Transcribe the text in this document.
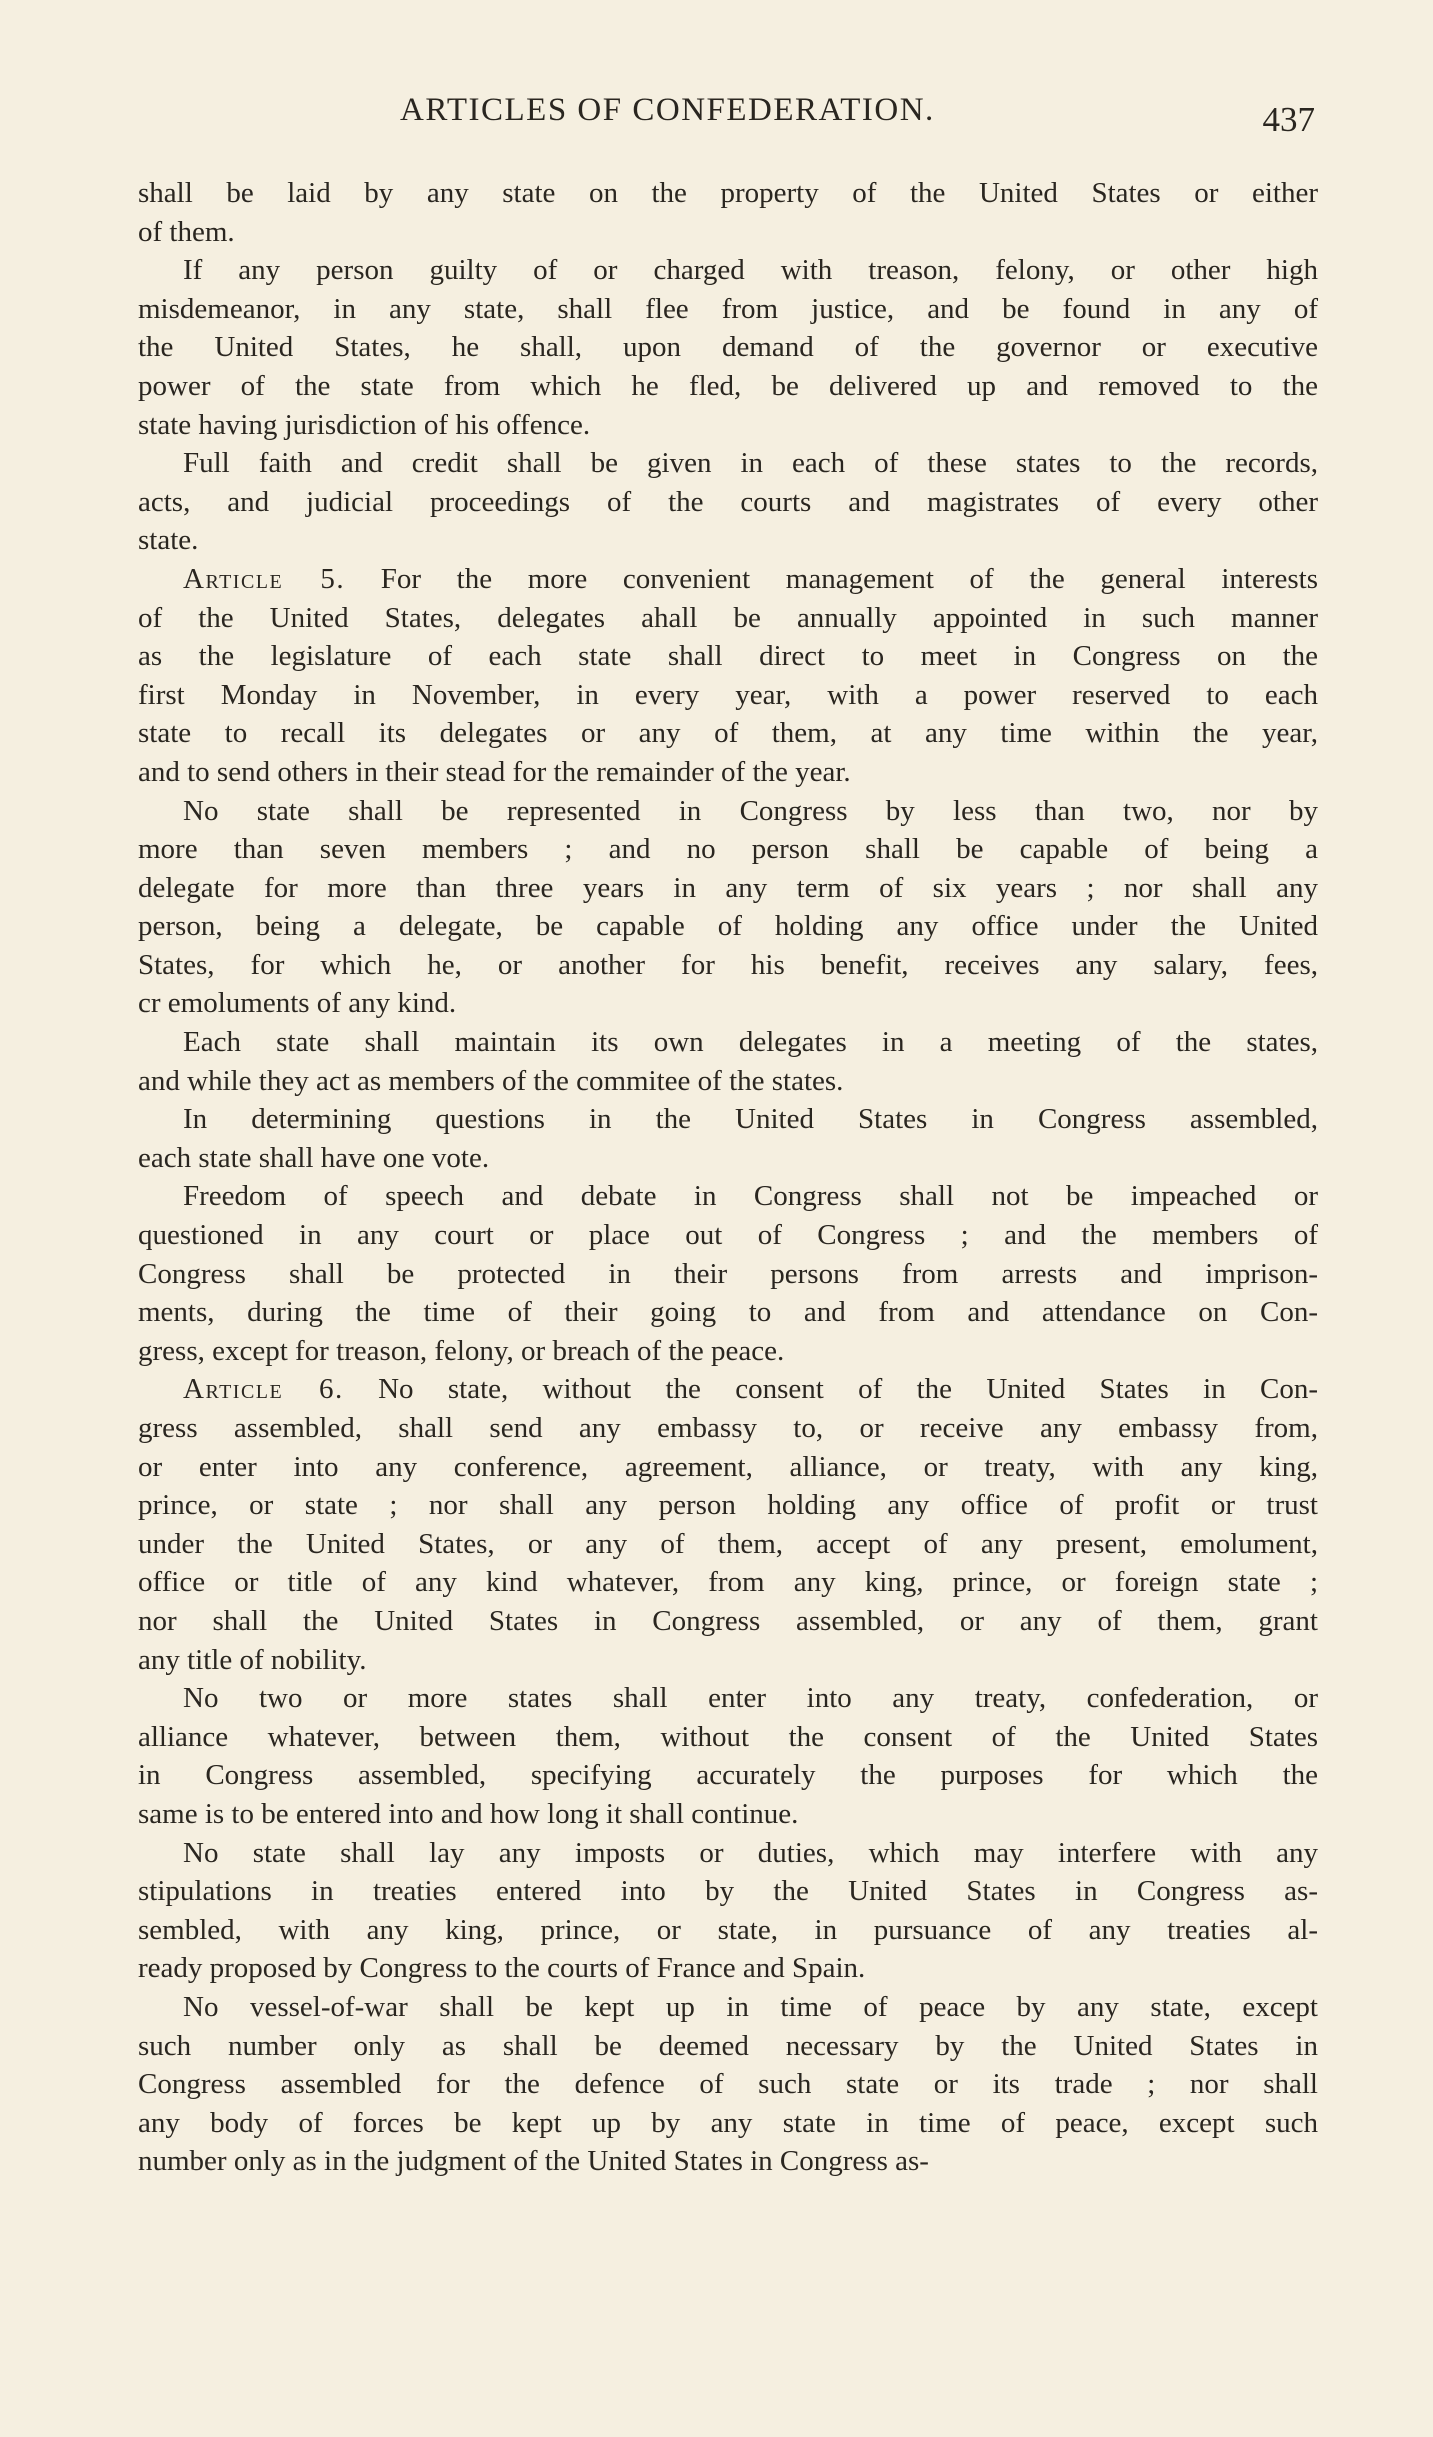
ARTICLES OF CONFEDERATION.	437
shall be laid by any state on the property of the United States or either
of them.
If any person guilty of or charged with treason, felony, or other high
misdemeanor, in any state, shall flee from justice, and be found in any of
the United States, he shall, upon demand of the governor or executive
power of the state from which he fled, be delivered up and removed to the
state having jurisdiction of his offence.
Full faith and credit shall be given in each of these states to the records,
acts, and judicial proceedings of the courts and magistrates of every other
state.
Article 5. For the more convenient management of the general interests
of the United States, delegates ahall be annually appointed in such manner
as the legislature of each state shall direct to meet in Congress on the
first Monday in November, in every year, with a power reserved to each
state to recall its delegates or any of them, at any time within the year,
and to send others in their stead for the remainder of the year.
No state shall be represented in Congress by less than two, nor by
more than seven members ; and no person shall be capable of being a
delegate for more than three years in any term of six years ; nor shall any
person, being a delegate, be capable of holding any office under the United
States, for which he, or another for his benefit, receives any salary, fees,
cr emoluments of any kind.
Each state shall maintain its own delegates in a meeting of the states,
and while they act as members of the commitee of the states.
In determining questions in the United States in Congress assembled,
each state shall have one vote.
Freedom of speech and debate in Congress shall not be impeached or
questioned in any court or place out of Congress ; and the members of
Congress shall be protected in their persons from arrests and imprison-
ments, during the time of their going to and from and attendance on Con-
gress, except for treason, felony, or breach of the peace.
Article 6. No state, without the consent of the United States in Con-
gress assembled, shall send any embassy to, or receive any embassy from,
or enter into any conference, agreement, alliance, or treaty, with any king,
prince, or state ; nor shall any person holding any office of profit or trust
under the United States, or any of them, accept of any present, emolument,
office or title of any kind whatever, from any king, prince, or foreign state ;
nor shall the United States in Congress assembled, or any of them, grant
any title of nobility.
No two or more states shall enter into any treaty, confederation, or
alliance whatever, between them, without the consent of the United States
in Congress assembled, specifying accurately the purposes for which the
same is to be entered into and how long it shall continue.
No state shall lay any imposts or duties, which may interfere with any
stipulations in treaties entered into by the United States in Congress as-
sembled, with any king, prince, or state, in pursuance of any treaties al-
ready proposed by Congress to the courts of France and Spain.
No vessel-of-war shall be kept up in time of peace by any state, except
such number only as shall be deemed necessary by the United States in
Congress assembled for the defence of such state or its trade ; nor shall
any body of forces be kept up by any state in time of peace, except such
number only as in the judgment of the United States in Congress as-
